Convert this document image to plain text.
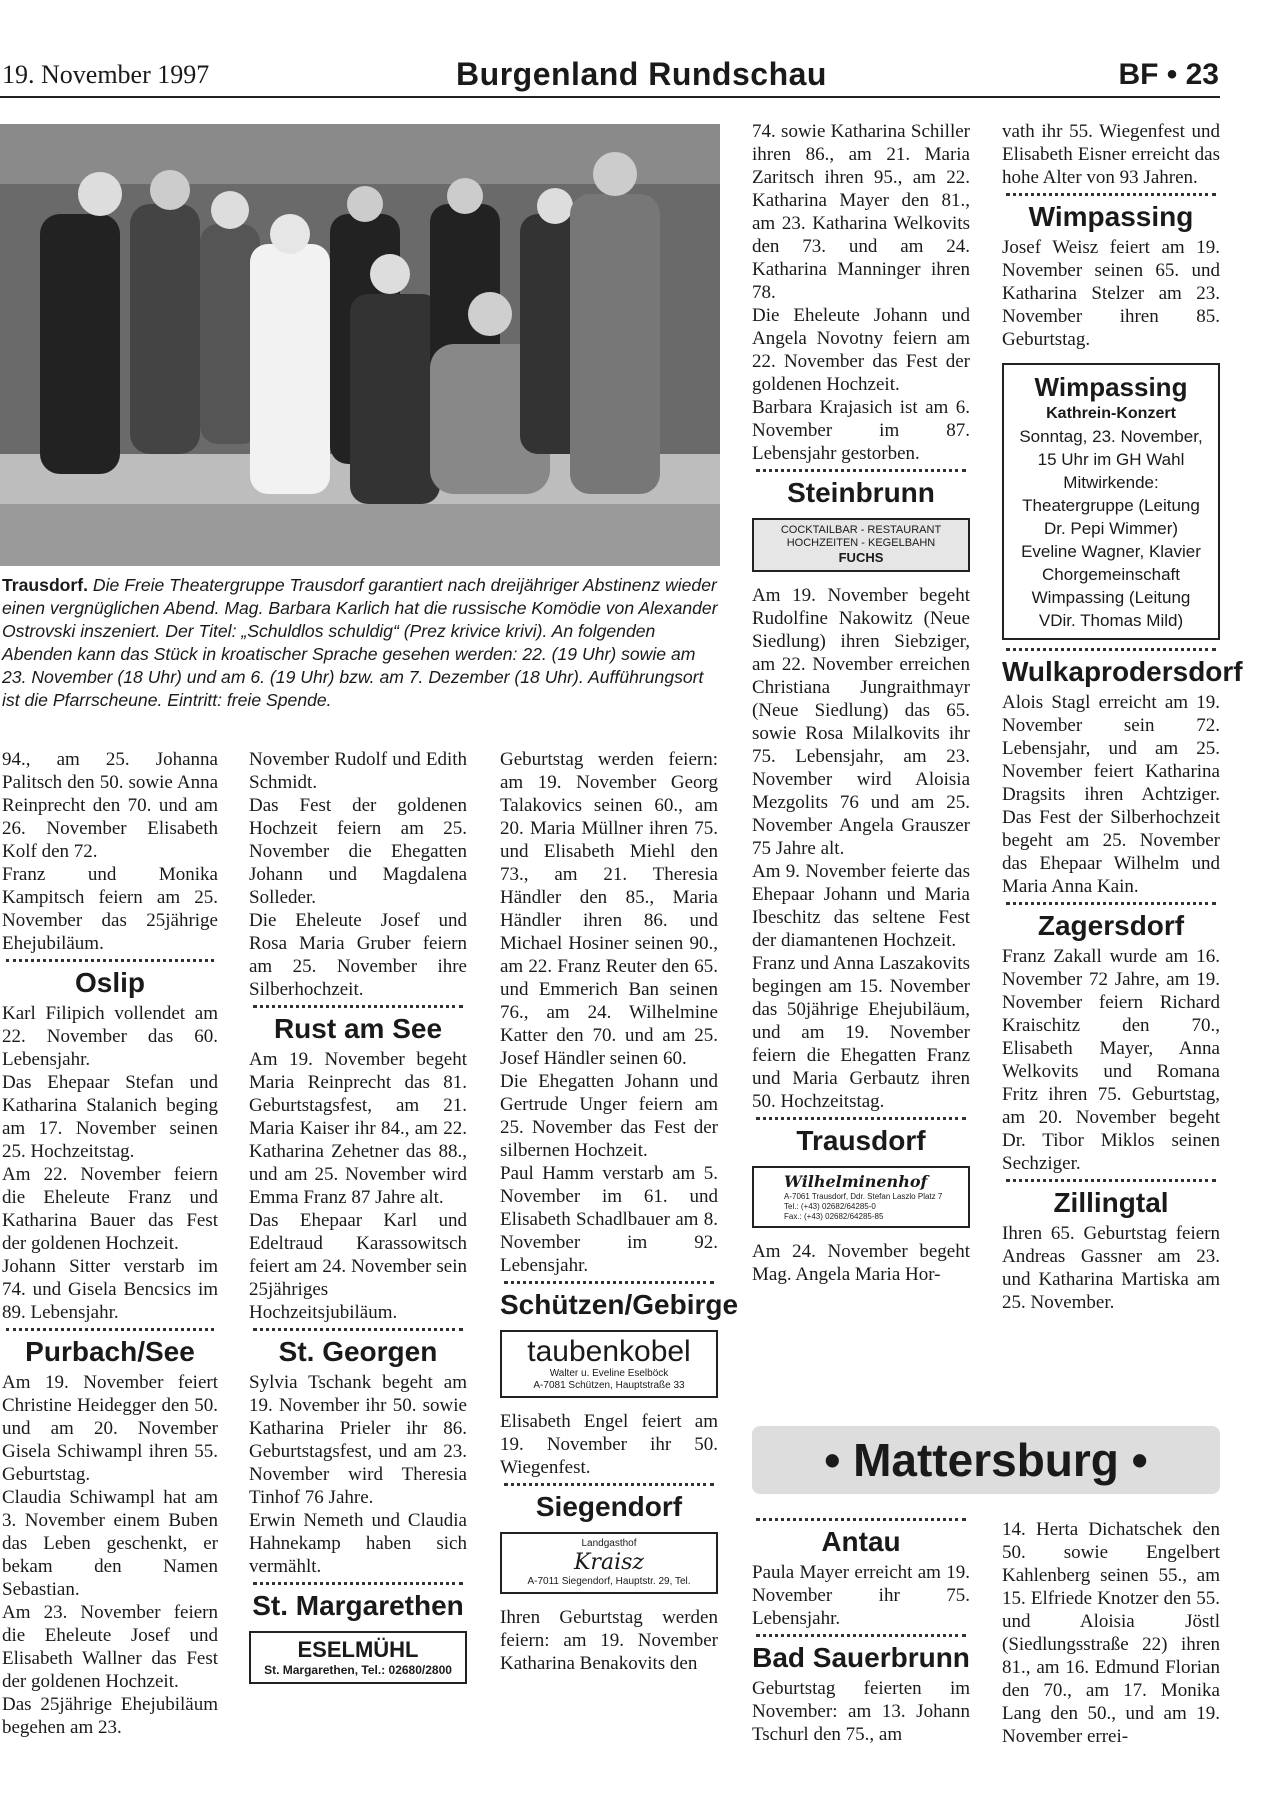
19. November 1997	Burgenland Rundschau	BF • 23
Trausdorf. Die Freie Theatergruppe Trausdorf garantiert nach dreijähriger Abstinenz wieder einen vergnüglichen Abend. Mag. Barbara Karlich hat die russische Komödie von Alexander Ostrovski inszeniert. Der Titel: „Schuldlos schuldig“ (Prez krivice krivi). An folgenden Abenden kann das Stück in kroatischer Sprache gesehen werden: 22. (19 Uhr) sowie am 23. November (18 Uhr) und am 6. (19 Uhr) bzw. am 7. Dezember (18 Uhr). Aufführungsort ist die Pfarrscheune. Eintritt: freie Spende.

94., am 25. Johanna Palitsch den 50. sowie Anna Reinprecht den 70. und am 26. November Elisabeth Kolf den 72.

Franz und Monika Kampitsch feiern am 25. November das 25jährige Ehejubiläum.

Oslip

Karl Filipich vollendet am 22. November das 60. Lebensjahr.

Das Ehepaar Stefan und Katharina Stalanich beging am 17. November seinen 25. Hochzeitstag.

Am 22. November feiern die Eheleute Franz und Katharina Bauer das Fest der goldenen Hochzeit.

Johann Sitter verstarb im 74. und Gisela Bencsics im 89. Lebensjahr.

Purbach/See

Am 19. November feiert Christine Heidegger den 50. und am 20. November Gisela Schiwampl ihren 55. Geburtstag.

Claudia Schiwampl hat am 3. November einem Buben das Leben geschenkt, er bekam den Namen Sebastian.

Am 23. November feiern die Eheleute Josef und Elisabeth Wallner das Fest der goldenen Hochzeit.

Das 25jährige Ehejubiläum begehen am 23.

November Rudolf und Edith Schmidt.

Das Fest der goldenen Hochzeit feiern am 25. November die Ehegatten Johann und Magdalena Solleder.

Die Eheleute Josef und Rosa Maria Gruber feiern am 25. November ihre Silberhochzeit.

Rust am See

Am 19. November begeht Maria Reinprecht das 81. Geburtstagsfest, am 21. Maria Kaiser ihr 84., am 22. Katharina Zehetner das 88., und am 25. November wird Emma Franz 87 Jahre alt.

Das Ehepaar Karl und Edeltraud Karassowitsch feiert am 24. November sein 25jähriges Hochzeitsjubiläum.

St. Georgen

Sylvia Tschank begeht am 19. November ihr 50. sowie Katharina Prieler ihr 86. Geburtstagsfest, und am 23. November wird Theresia Tinhof 76 Jahre.

Erwin Nemeth und Claudia Hahnekamp haben sich vermählt.

St. Margarethen
ESELMÜHL
St. Margarethen, Tel.: 02680/2800

Geburtstag werden feiern: am 19. November Georg Talakovics seinen 60., am 20. Maria Müllner ihren 75. und Elisabeth Miehl den 73., am 21. Theresia Händler den 85., Maria Händler ihren 86. und Michael Hosiner seinen 90., am 22. Franz Reuter den 65. und Emmerich Ban seinen 76., am 24. Wilhelmine Katter den 70. und am 25. Josef Händler seinen 60.

Die Ehegatten Johann und Gertrude Unger feiern am 25. November das Fest der silbernen Hochzeit.

Paul Hamm verstarb am 5. November im 61. und Elisabeth Schadlbauer am 8. November im 92. Lebensjahr.

Schützen/Gebirge
taubenkobel
Walter u. Eveline Eselböck
A-7081 Schützen, Hauptstraße 33

Elisabeth Engel feiert am 19. November ihr 50. Wiegenfest.

Siegendorf
Landgasthof
Kraisz
A-7011 Siegendorf, Hauptstr. 29, Tel.

Ihren Geburtstag werden feiern: am 19. November Katharina Benakovits den

74. sowie Katharina Schiller ihren 86., am 21. Maria Zaritsch ihren 95., am 22. Katharina Mayer den 81., am 23. Katharina Welkovits den 73. und am 24. Katharina Manninger ihren 78.

Die Eheleute Johann und Angela Novotny feiern am 22. November das Fest der goldenen Hochzeit.

Barbara Krajasich ist am 6. November im 87. Lebensjahr gestorben.

Steinbrunn
COCKTAILBAR - RESTAURANT
HOCHZEITEN - KEGELBAHN
FUCHS

Am 19. November begeht Rudolfine Nakowitz (Neue Siedlung) ihren Siebziger, am 22. November erreichen Christiana Jungraithmayr (Neue Siedlung) das 65. sowie Rosa Milalkovits ihr 75. Lebensjahr, am 23. November wird Aloisia Mezgolits 76 und am 25. November Angela Grauszer 75 Jahre alt.

Am 9. November feierte das Ehepaar Johann und Maria Ibeschitz das seltene Fest der diamantenen Hochzeit.

Franz und Anna Laszakovits begingen am 15. November das 50jährige Ehejubiläum, und am 19. November feiern die Ehegatten Franz und Maria Gerbautz ihren 50. Hochzeitstag.

Trausdorf
Wilhelminenhof
A-7061 Trausdorf, Ddr. Stefan Laszlo Platz 7
Tel.: (+43) 02682/64285-0
Fax.: (+43) 02682/64285-85

Am 24. November begeht Mag. Angela Maria Hor-

vath ihr 55. Wiegenfest und Elisabeth Eisner erreicht das hohe Alter von 93 Jahren.

Wimpassing

Josef Weisz feiert am 19. November seinen 65. und Katharina Stelzer am 23. November ihren 85. Geburtstag.

Wimpassing
Kathrein-Konzert
Sonntag, 23. November,
15 Uhr im GH Wahl
Mitwirkende:
Theatergruppe (Leitung Dr. Pepi Wimmer)
Eveline Wagner, Klavier
Chorgemeinschaft Wimpassing (Leitung VDir. Thomas Mild)
Wulkaprodersdorf

Alois Stagl erreicht am 19. November sein 72. Lebensjahr, und am 25. November feiert Katharina Dragsits ihren Achtziger. Das Fest der Silberhochzeit begeht am 25. November das Ehepaar Wilhelm und Maria Anna Kain.

Zagersdorf

Franz Zakall wurde am 16. November 72 Jahre, am 19. November feiern Richard Kraischitz den 70., Elisabeth Mayer, Anna Welkovits und Romana Fritz ihren 75. Geburtstag, am 20. November begeht Dr. Tibor Miklos seinen Sechziger.

Zillingtal

Ihren 65. Geburtstag feiern Andreas Gassner am 23. und Katharina Martiska am 25. November.

• Mattersburg •
Antau

Paula Mayer erreicht am 19. November ihr 75. Lebensjahr.

Bad Sauerbrunn

Geburtstag feierten im November: am 13. Johann Tschurl den 75., am

14. Herta Dichatschek den 50. sowie Engelbert Kahlenberg seinen 55., am 15. Elfriede Knotzer den 55. und Aloisia Jöstl (Siedlungsstraße 22) ihren 81., am 16. Edmund Florian den 70., am 17. Monika Lang den 50., und am 19. November errei-
